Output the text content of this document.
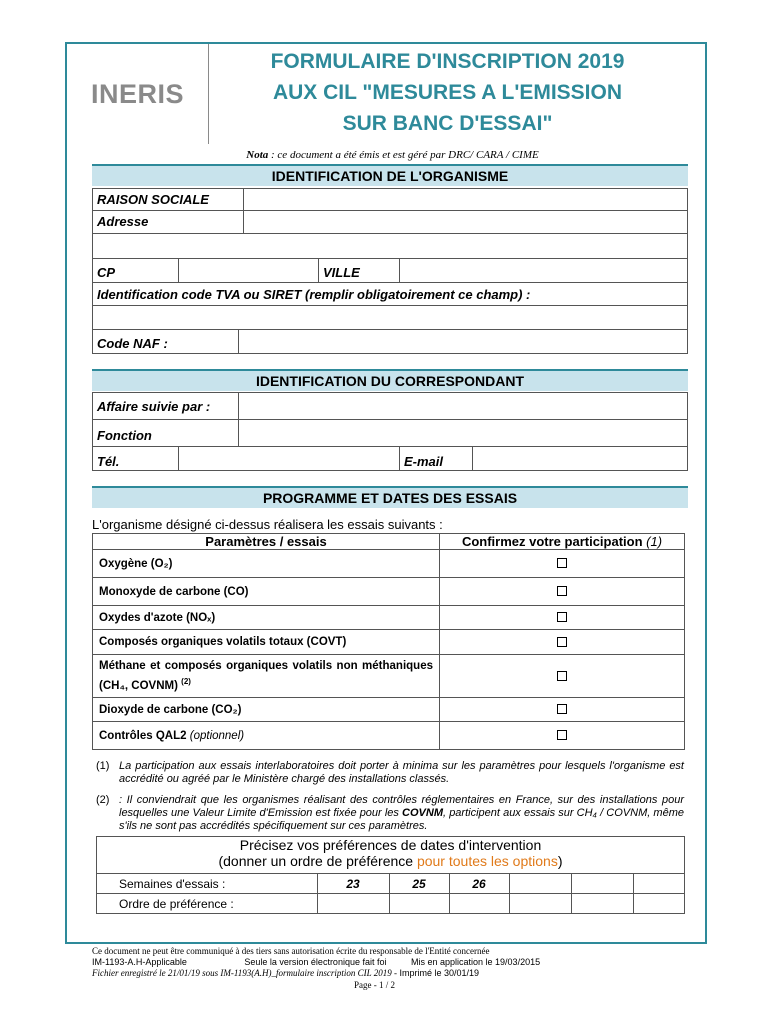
INERIS
FORMULAIRE D'INSCRIPTION 2019
AUX CIL "MESURES A L'EMISSION
SUR BANC D'ESSAI"
Nota : ce document a été émis et est géré par DRC/ CARA / CIME
IDENTIFICATION DE L'ORGANISME
RAISON SOCIALE
Adresse
CP	VILLE
Identification code TVA ou SIRET (remplir obligatoirement ce champ) :
Code NAF :
IDENTIFICATION DU CORRESPONDANT
Affaire suivie par :
Fonction
Tél.	E-mail
PROGRAMME ET DATES DES ESSAIS
L'organisme désigné ci-dessus réalisera les essais suivants :
Paramètres / essais	Confirmez votre participation (1)
Oxygène (O₂)	
Monoxyde de carbone (CO)	
Oxydes d'azote (NOₓ)	
Composés organiques volatils totaux (COVT)	
Méthane et composés organiques volatils non méthaniques (CH₄, COVNM) $^{(2)}$	
Dioxyde de carbone (CO₂)	
Contrôles QAL2 (optionnel)	
(1) La participation aux essais interlaboratoires doit porter à minima sur les paramètres pour lesquels l'organisme est accrédité ou agréé par le Ministère chargé des installations classés.
(2) : Il conviendrait que les organismes réalisant des contrôles réglementaires en France, sur des installations pour lesquelles une Valeur Limite d'Emission est fixée pour les COVNM, participent aux essais sur CH₄ / COVNM, même s'ils ne sont pas accrédités spécifiquement sur ces paramètres.
Précisez vos préférences de dates d'intervention
(donner un ordre de préférence pour toutes les options)
Semaines d'essais :	23	25	26			
Ordre de préférence :						
Ce document ne peut être communiqué à des tiers sans autorisation écrite du responsable de l'Entité concernée
IM-1193-A.H-Applicable	Seule la version électronique fait foi	Mis en application le 19/03/2015
Fichier enregistré le 21/01/19 sous IM-1193(A.H)_formulaire inscription CIL 2019 - Imprimé le 30/01/19
Page - 1 / 2
